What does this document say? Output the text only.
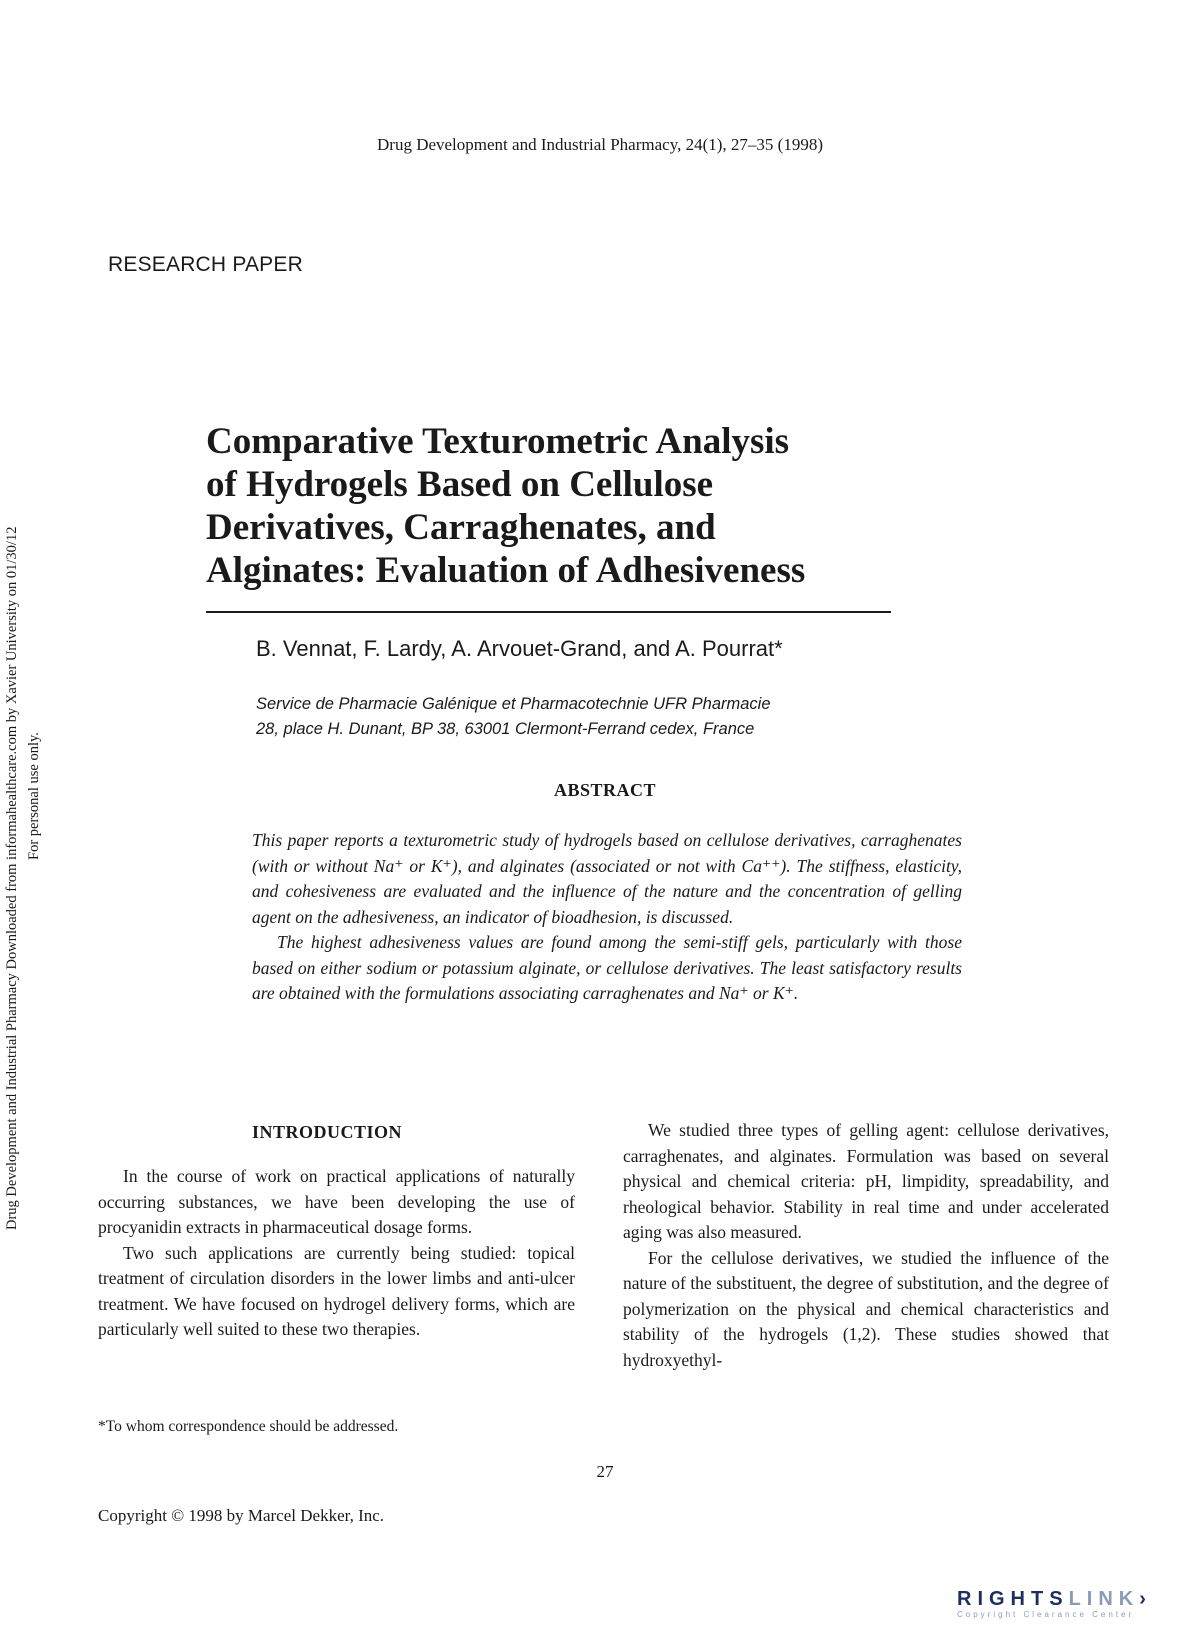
Drug Development and Industrial Pharmacy, 24(1), 27–35 (1998)
RESEARCH PAPER
Drug Development and Industrial Pharmacy Downloaded from informahealthcare.com by Xavier University on 01/30/12 For personal use only.
Comparative Texturometric Analysis
of Hydrogels Based on Cellulose
Derivatives, Carraghenates, and
Alginates: Evaluation of Adhesiveness
B. Vennat, F. Lardy, A. Arvouet-Grand, and A. Pourrat*
Service de Pharmacie Galénique et Pharmacotechnie UFR Pharmacie
28, place H. Dunant, BP 38, 63001 Clermont-Ferrand cedex, France
ABSTRACT

This paper reports a texturometric study of hydrogels based on cellulose derivatives, carraghenates (with or without Na⁺ or K⁺), and alginates (associated or not with Ca⁺⁺). The stiffness, elasticity, and cohesiveness are evaluated and the influence of the nature and the concentration of gelling agent on the adhesiveness, an indicator of bioadhesion, is discussed.

The highest adhesiveness values are found among the semi-stiff gels, particularly with those based on either sodium or potassium alginate, or cellulose derivatives. The least satisfactory results are obtained with the formulations associating carraghenates and Na⁺ or K⁺.

INTRODUCTION

In the course of work on practical applications of naturally occurring substances, we have been developing the use of procyanidin extracts in pharmaceutical dosage forms.

Two such applications are currently being studied: topical treatment of circulation disorders in the lower limbs and anti-ulcer treatment. We have focused on hydrogel delivery forms, which are particularly well suited to these two therapies.

We studied three types of gelling agent: cellulose derivatives, carraghenates, and alginates. Formulation was based on several physical and chemical criteria: pH, limpidity, spreadability, and rheological behavior. Stability in real time and under accelerated aging was also measured.

For the cellulose derivatives, we studied the influence of the nature of the substituent, the degree of substitution, and the degree of polymerization on the physical and chemical characteristics and stability of the hydrogels (1,2). These studies showed that hydroxyethyl-

*To whom correspondence should be addressed.
27
Copyright © 1998 by Marcel Dekker, Inc.
RIGHTSLINK›
Copyright Clearance Center
